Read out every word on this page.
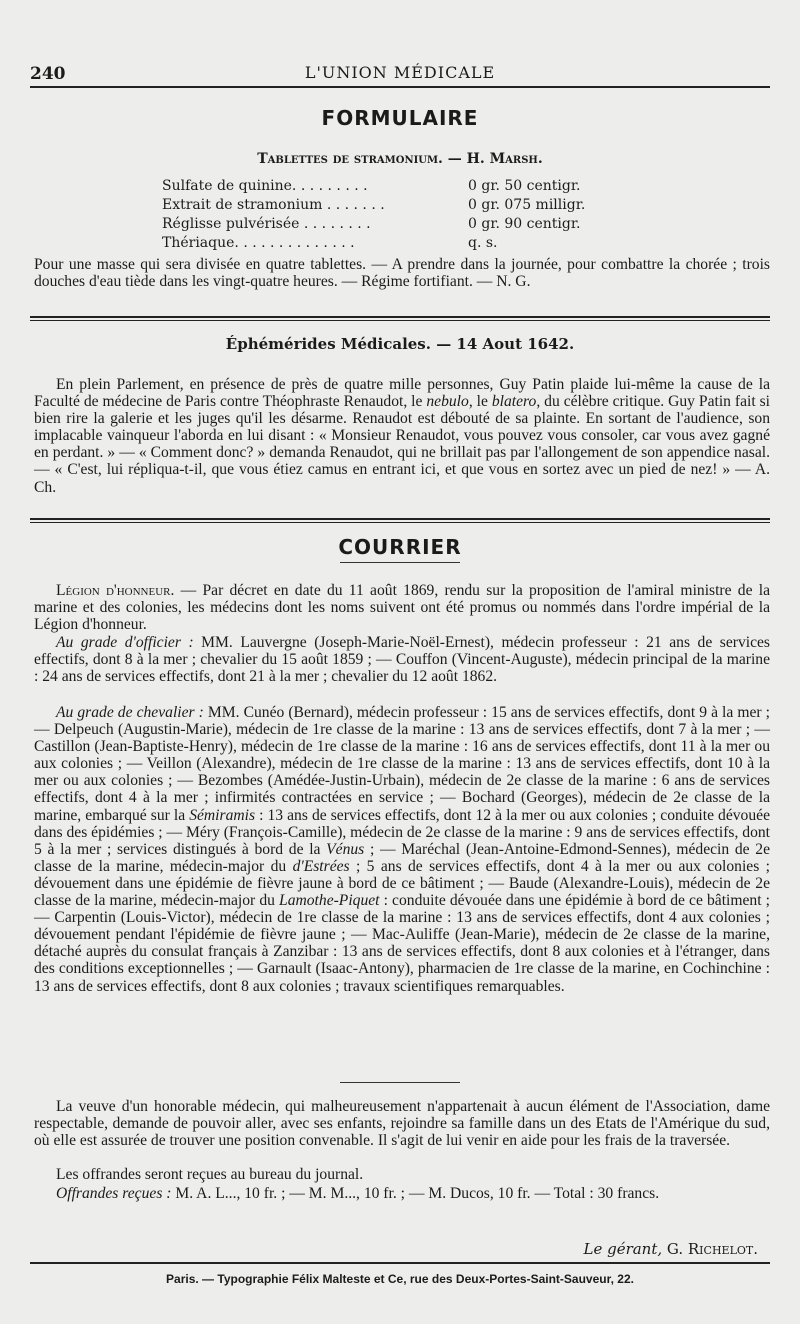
240	L'UNION MÉDICALE
FORMULAIRE
Tablettes de stramonium. — H. Marsh.
Sulfate de quinine. . . . . . . . .	0 gr. 50 centigr.
Extrait de stramonium . . . . . . .	0 gr. 075 milligr.
Réglisse pulvérisée . . . . . . . .	0 gr. 90 centigr.
Thériaque. . . . . . . . . . . . . .	q. s.
Pour une masse qui sera divisée en quatre tablettes. — A prendre dans la journée, pour combattre la chorée ; trois douches d'eau tiède dans les vingt-quatre heures. — Régime fortifiant. — N. G.
Éphémérides Médicales. — 14 Aout 1642.
En plein Parlement, en présence de près de quatre mille personnes, Guy Patin plaide lui-même la cause de la Faculté de médecine de Paris contre Théophraste Renaudot, le nebulo, le blatero, du célèbre critique. Guy Patin fait si bien rire la galerie et les juges qu'il les désarme. Renaudot est débouté de sa plainte. En sortant de l'audience, son implacable vainqueur l'aborda en lui disant : « Monsieur Renaudot, vous pouvez vous consoler, car vous avez gagné en perdant. » — « Comment donc? » demanda Renaudot, qui ne brillait pas par l'allongement de son appendice nasal. — « C'est, lui répliqua-t-il, que vous étiez camus en entrant ici, et que vous en sortez avec un pied de nez! » — A. Ch.
COURRIER
Légion d'honneur. — Par décret en date du 11 août 1869, rendu sur la proposition de l'amiral ministre de la marine et des colonies, les médecins dont les noms suivent ont été promus ou nommés dans l'ordre impérial de la Légion d'honneur.
Au grade d'officier : MM. Lauvergne (Joseph-Marie-Noël-Ernest), médecin professeur : 21 ans de services effectifs, dont 8 à la mer ; chevalier du 15 août 1859 ; — Couffon (Vincent-Auguste), médecin principal de la marine : 24 ans de services effectifs, dont 21 à la mer ; chevalier du 12 août 1862.
Au grade de chevalier : MM. Cunéo (Bernard), médecin professeur : 15 ans de services effectifs, dont 9 à la mer ; — Delpeuch (Augustin-Marie), médecin de 1re classe de la marine : 13 ans de services effectifs, dont 7 à la mer ; — Castillon (Jean-Baptiste-Henry), médecin de 1re classe de la marine : 16 ans de services effectifs, dont 11 à la mer ou aux colonies ; — Veillon (Alexandre), médecin de 1re classe de la marine : 13 ans de services effectifs, dont 10 à la mer ou aux colonies ; — Bezombes (Amédée-Justin-Urbain), médecin de 2e classe de la marine : 6 ans de services effectifs, dont 4 à la mer ; infirmités contractées en service ; — Bochard (Georges), médecin de 2e classe de la marine, embarqué sur la Sémiramis : 13 ans de services effectifs, dont 12 à la mer ou aux colonies ; conduite dévouée dans des épidémies ; — Méry (François-Camille), médecin de 2e classe de la marine : 9 ans de services effectifs, dont 5 à la mer ; services distingués à bord de la Vénus ; — Maréchal (Jean-Antoine-Edmond-Sennes), médecin de 2e classe de la marine, médecin-major du d'Estrées ; 5 ans de services effectifs, dont 4 à la mer ou aux colonies ; dévouement dans une épidémie de fièvre jaune à bord de ce bâtiment ; — Baude (Alexandre-Louis), médecin de 2e classe de la marine, médecin-major du Lamothe-Piquet : conduite dévouée dans une épidémie à bord de ce bâtiment ; — Carpentin (Louis-Victor), médecin de 1re classe de la marine : 13 ans de services effectifs, dont 4 aux colonies ; dévouement pendant l'épidémie de fièvre jaune ; — Mac-Auliffe (Jean-Marie), médecin de 2e classe de la marine, détaché auprès du consulat français à Zanzibar : 13 ans de services effectifs, dont 8 aux colonies et à l'étranger, dans des conditions exceptionnelles ; — Garnault (Isaac-Antony), pharmacien de 1re classe de la marine, en Cochinchine : 13 ans de services effectifs, dont 8 aux colonies ; travaux scientifiques remarquables.
La veuve d'un honorable médecin, qui malheureusement n'appartenait à aucun élément de l'Association, dame respectable, demande de pouvoir aller, avec ses enfants, rejoindre sa famille dans un des Etats de l'Amérique du sud, où elle est assurée de trouver une position convenable. Il s'agit de lui venir en aide pour les frais de la traversée.
Les offrandes seront reçues au bureau du journal.
Offrandes reçues : M. A. L..., 10 fr. ; — M. M..., 10 fr. ; — M. Ducos, 10 fr. — Total : 30 francs.
Le gérant, G. Richelot.
Paris. — Typographie Félix Malteste et Ce, rue des Deux-Portes-Saint-Sauveur, 22.
